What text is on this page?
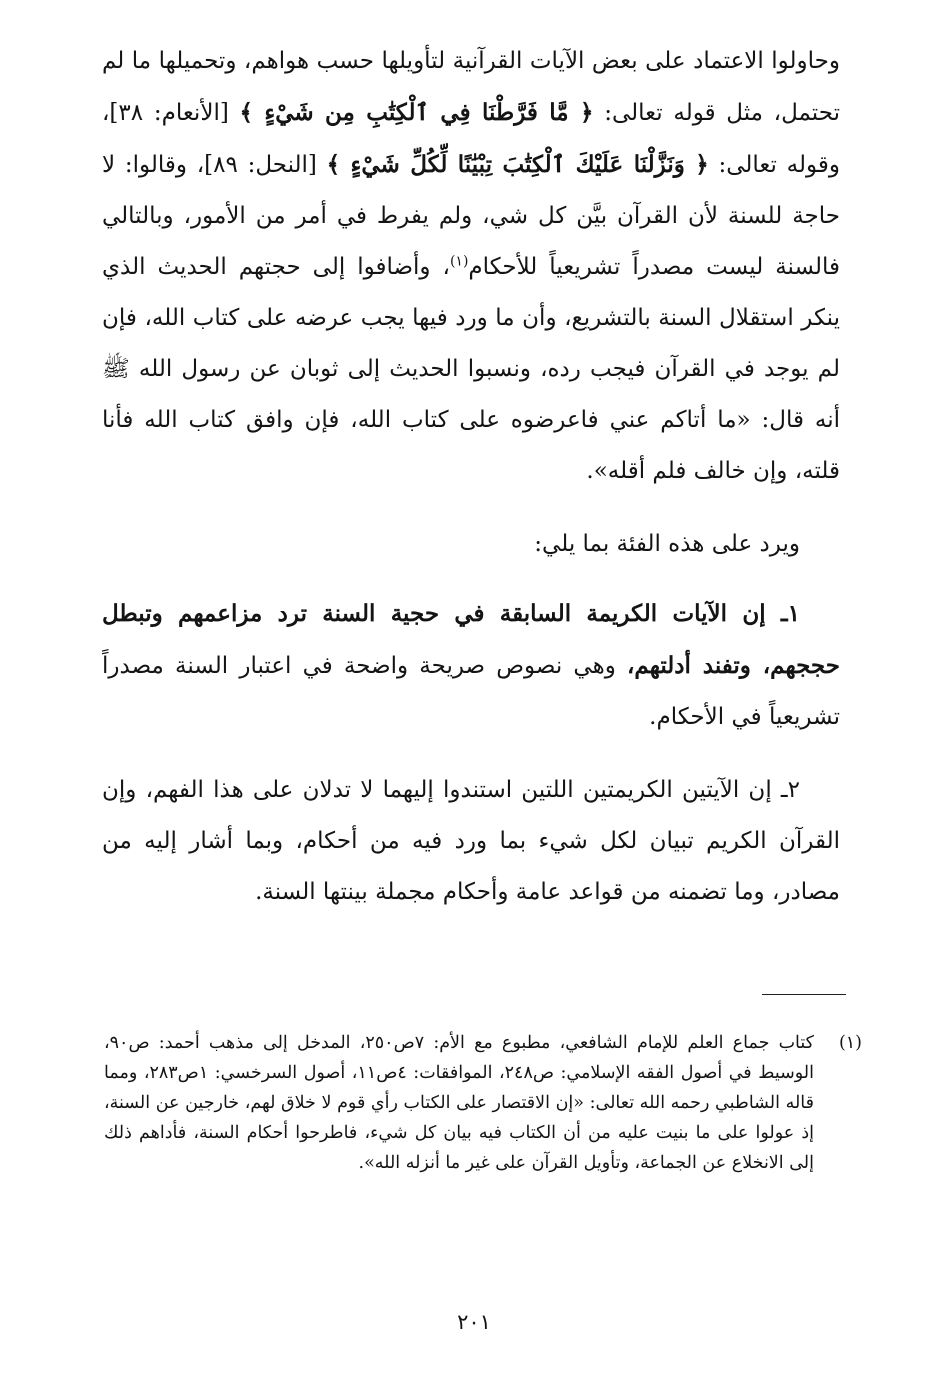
وحاولوا الاعتماد على بعض الآيات القرآنية لتأويلها حسب هواهم، وتحميلها ما لم تحتمل، مثل قوله تعالى: ﴿ مَّا فَرَّطْنَا فِي ٱلْكِتَٰبِ مِن شَيْءٍ ﴾ [الأنعام: ٣٨]، وقوله تعالى: ﴿ وَنَزَّلْنَا عَلَيْكَ ٱلْكِتَٰبَ تِبْيَٰنًا لِّكُلِّ شَيْءٍ ﴾ [النحل: ٨٩]، وقالوا: لا حاجة للسنة لأن القرآن بيَّن كل شي، ولم يفرط في أمر من الأمور، وبالتالي فالسنة ليست مصدراً تشريعياً للأحكام$^{(١)}$، وأضافوا إلى حجتهم الحديث الذي ينكر استقلال السنة بالتشريع، وأن ما ورد فيها يجب عرضه على كتاب الله، فإن لم يوجد في القرآن فيجب رده، ونسبوا الحديث إلى ثوبان عن رسول الله ﷺ أنه قال: «ما أتاكم عني فاعرضوه على كتاب الله، فإن وافق كتاب الله فأنا قلته، وإن خالف فلم أقله».

ويرد على هذه الفئة بما يلي:

١ـ إن الآيات الكريمة السابقة في حجية السنة ترد مزاعمهم وتبطل حججهم، وتفند أدلتهم، وهي نصوص صريحة واضحة في اعتبار السنة مصدراً تشريعياً في الأحكام.

٢ـ إن الآيتين الكريمتين اللتين استندوا إليهما لا تدلان على هذا الفهم، وإن القرآن الكريم تبيان لكل شيء بما ورد فيه من أحكام، وبما أشار إليه من مصادر، وما تضمنه من قواعد عامة وأحكام مجملة بينتها السنة.

(١)
كتاب جماع العلم للإمام الشافعي، مطبوع مع الأم: ٧ص٢٥٠، المدخل إلى مذهب أحمد: ص٩٠، الوسيط في أصول الفقه الإسلامي: ص٢٤٨، الموافقات: ٤ص١١، أصول السرخسي: ١ص٢٨٣، ومما قاله الشاطبي رحمه الله تعالى: «إن الاقتصار على الكتاب رأي قوم لا خلاق لهم، خارجين عن السنة، إذ عولوا على ما بنيت عليه من أن الكتاب فيه بيان كل شيء، فاطرحوا أحكام السنة، فأداهم ذلك إلى الانخلاع عن الجماعة، وتأويل القرآن على غير ما أنزله الله».
٢٠١
